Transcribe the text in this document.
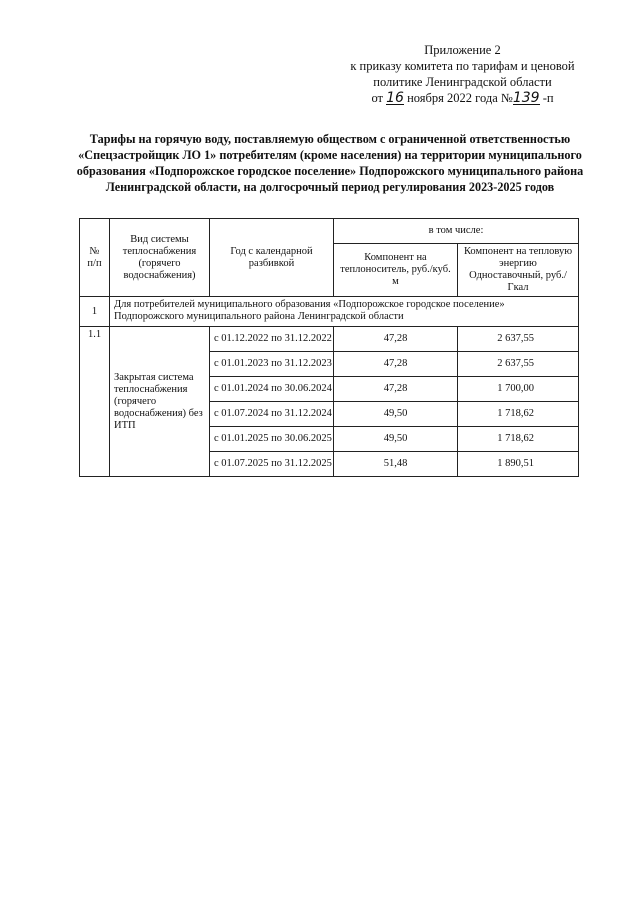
Приложение 2
к приказу комитета по тарифам и ценовой
политике Ленинградской области
от 16 ноября 2022 года №139 -п
Тарифы на горячую воду, поставляемую обществом с ограниченной ответственностью «Спецзастройщик ЛО 1» потребителям (кроме населения) на территории муниципального образования «Подпорожское городское поселение» Подпорожского муниципального района Ленинградской области, на долгосрочный период регулирования 2023-2025 годов
№ п/п	Вид системы теплоснабжения (горячего водоснабжения)	Год с календарной разбивкой	в том числе:	
			Компонент на теплоноситель, руб./куб. м	Компонент на тепловую энергию Одноставочный, руб./Гкал
1	Для потребителей муниципального образования «Подпорожское городское поселение» Подпорожского муниципального района Ленинградской области			
1.1	Закрытая система теплоснабжения (горячего водоснабжения) без ИТП	с 01.12.2022 по 31.12.2022	47,28	2 637,55
		с 01.01.2023 по 31.12.2023	47,28	2 637,55
		с 01.01.2024 по 30.06.2024	47,28	1 700,00
		с 01.07.2024 по 31.12.2024	49,50	1 718,62
		с 01.01.2025 по 30.06.2025	49,50	1 718,62
		с 01.07.2025 по 31.12.2025	51,48	1 890,51
